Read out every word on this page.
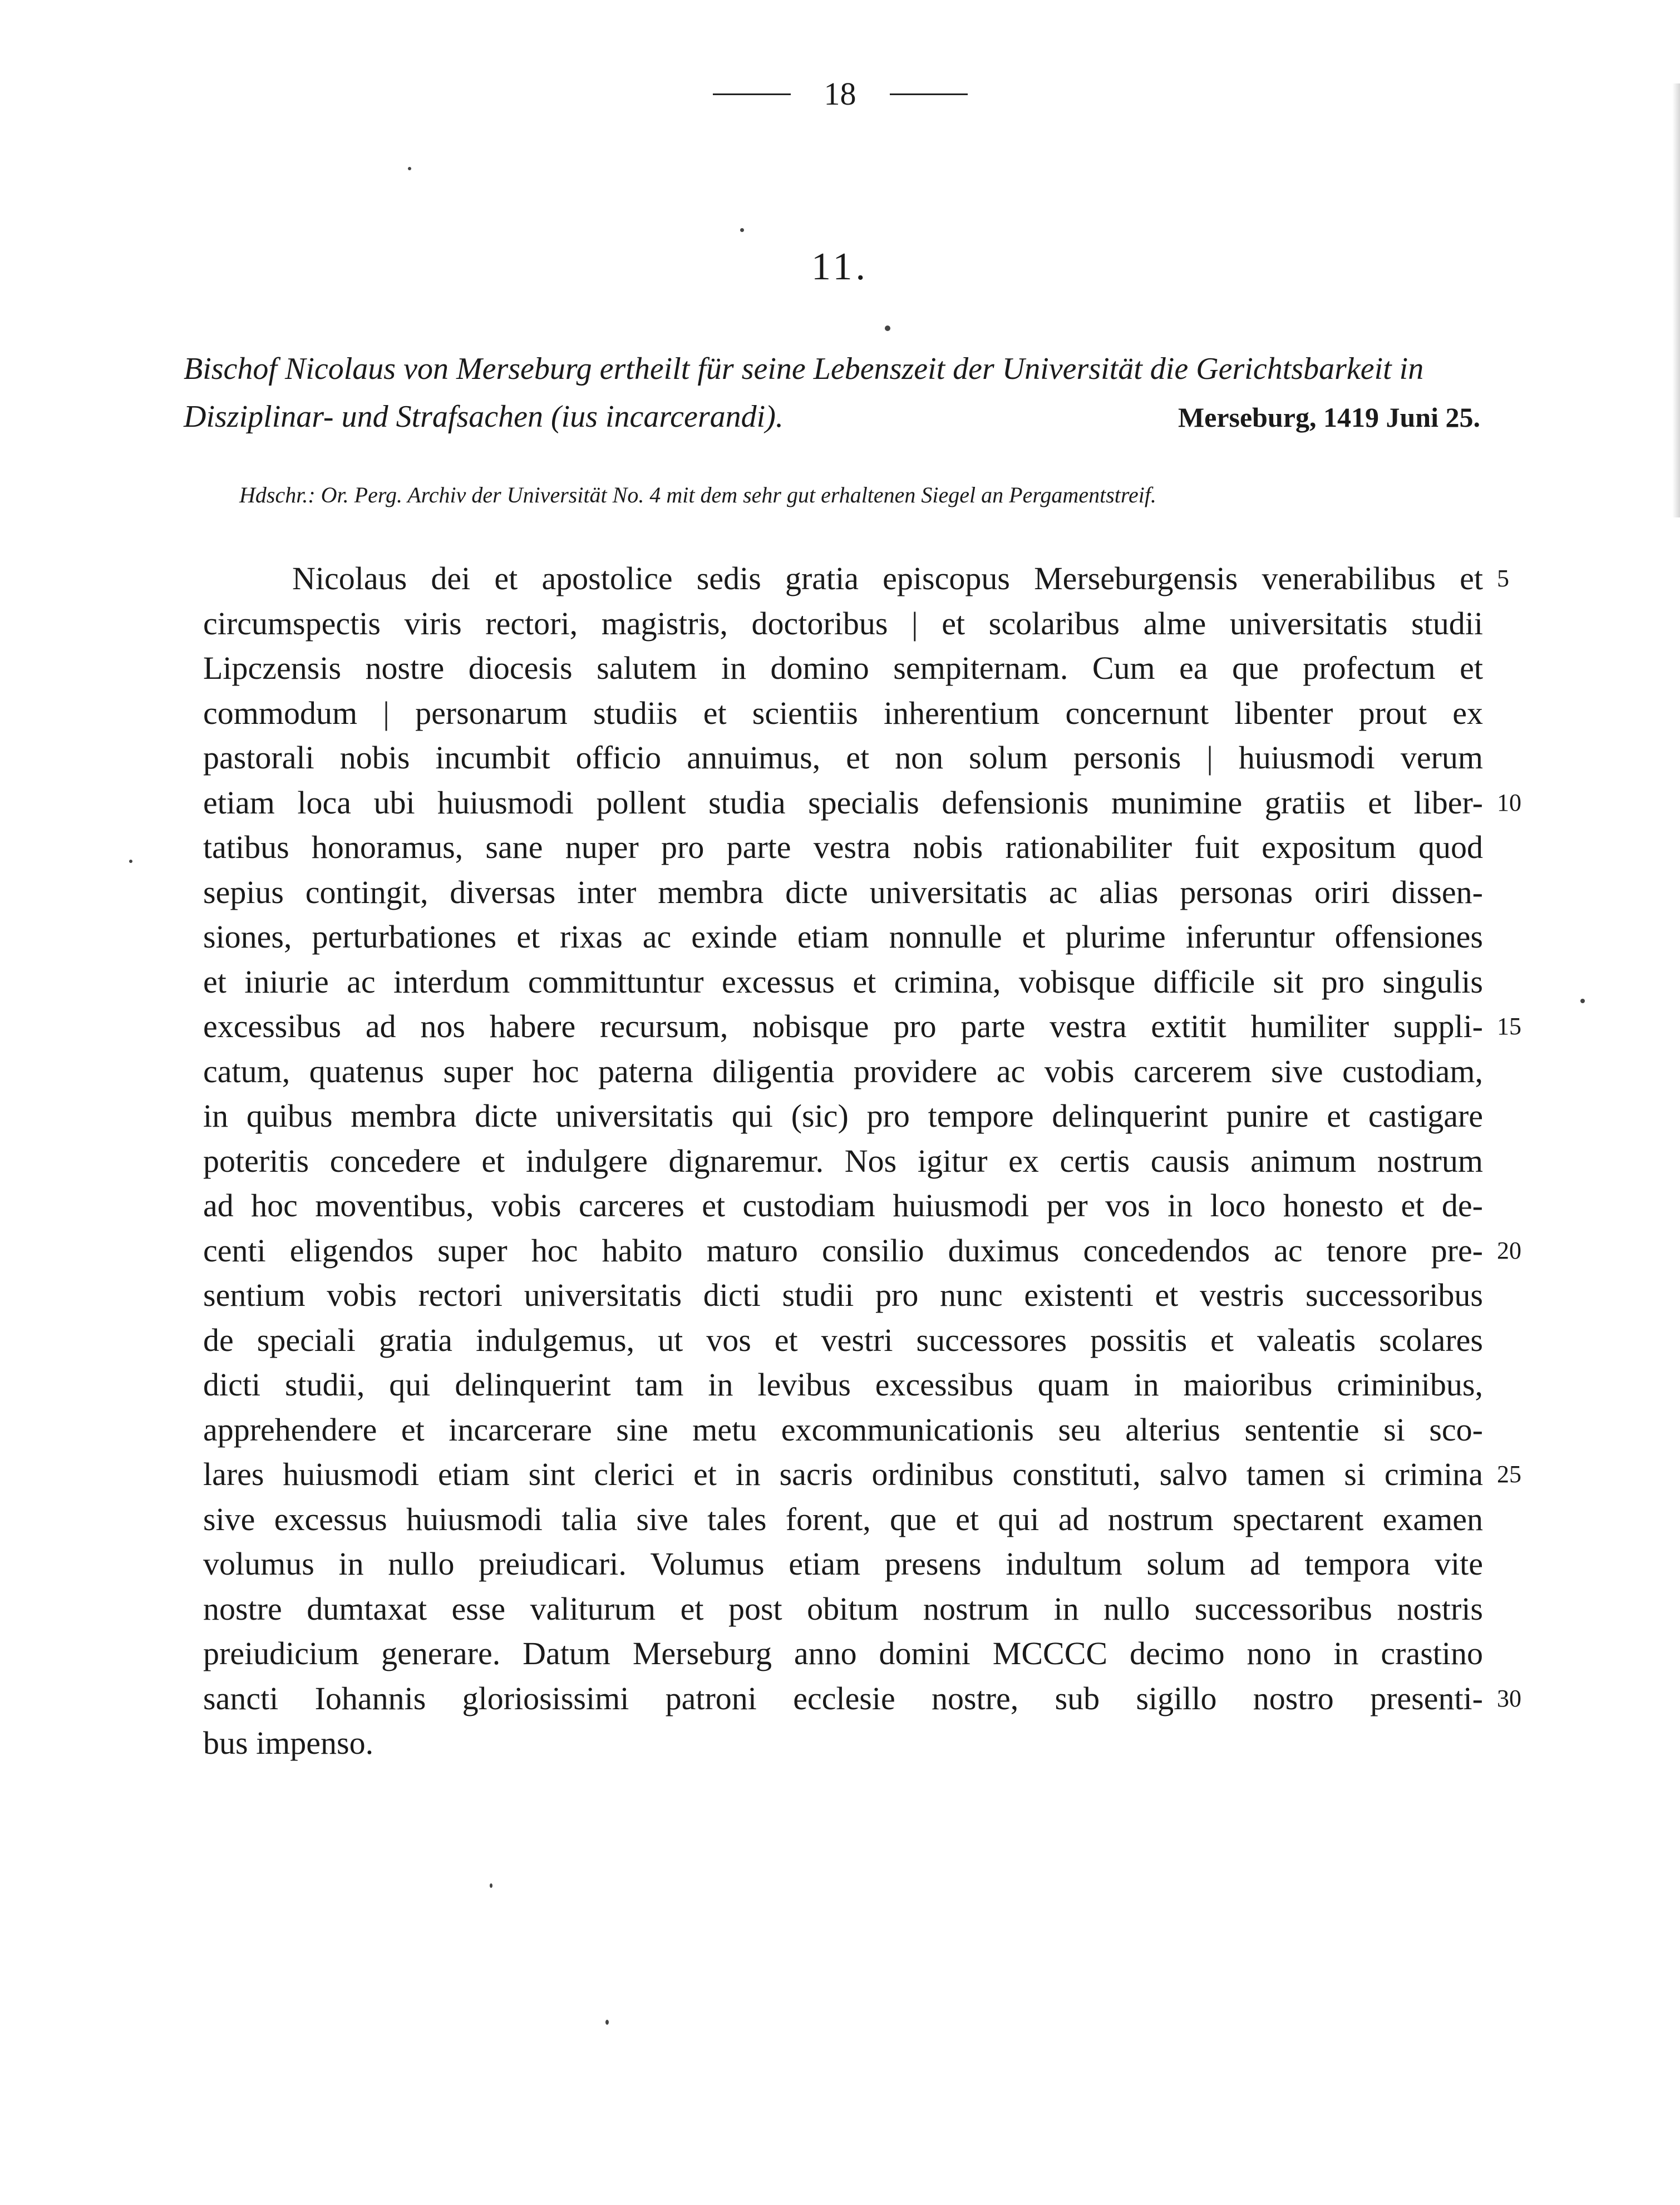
18
11.
Bischof Nicolaus von Merseburg ertheilt für seine Lebenszeit der Universität die Gerichtsbarkeit in
Disziplinar- und Strafsachen (ius incarcerandi).	Merseburg, 1419 Juni 25.
Hdschr.: Or. Perg. Archiv der Universität No. 4 mit dem sehr gut erhaltenen Siegel an Pergamentstreif.
Nicolaus dei et apostolice sedis gratia episcopus Merseburgensis venerabilibus et
circumspectis viris rectori, magistris, doctoribus | et scolaribus alme universitatis studii
Lipczensis nostre diocesis salutem in domino sempiternam. Cum ea que profectum et
commodum | personarum studiis et scientiis inherentium concernunt libenter prout ex
pastorali nobis incumbit officio annuimus, et non solum personis | huiusmodi verum
etiam loca ubi huiusmodi pollent studia specialis defensionis munimine gratiis et liber-
tatibus honoramus, sane nuper pro parte vestra nobis rationabiliter fuit expositum quod
sepius contingit, diversas inter membra dicte universitatis ac alias personas oriri dissen-
siones, perturbationes et rixas ac exinde etiam nonnulle et plurime inferuntur offensiones
et iniurie ac interdum committuntur excessus et crimina, vobisque difficile sit pro singulis
excessibus ad nos habere recursum, nobisque pro parte vestra extitit humiliter suppli-
catum, quatenus super hoc paterna diligentia providere ac vobis carcerem sive custodiam,
in quibus membra dicte universitatis qui (sic) pro tempore delinquerint punire et castigare
poteritis concedere et indulgere dignaremur. Nos igitur ex certis causis animum nostrum
ad hoc moventibus, vobis carceres et custodiam huiusmodi per vos in loco honesto et de-
centi eligendos super hoc habito maturo consilio duximus concedendos ac tenore pre-
sentium vobis rectori universitatis dicti studii pro nunc existenti et vestris successoribus
de speciali gratia indulgemus, ut vos et vestri successores possitis et valeatis scolares
dicti studii, qui delinquerint tam in levibus excessibus quam in maioribus criminibus,
apprehendere et incarcerare sine metu excommunicationis seu alterius sententie si sco-
lares huiusmodi etiam sint clerici et in sacris ordinibus constituti, salvo tamen si crimina
sive excessus huiusmodi talia sive tales forent, que et qui ad nostrum spectarent examen
volumus in nullo preiudicari. Volumus etiam presens indultum solum ad tempora vite
nostre dumtaxat esse valiturum et post obitum nostrum in nullo successoribus nostris
preiudicium generare. Datum Merseburg anno domini MCCCC decimo nono in crastino
sancti Iohannis gloriosissimi patroni ecclesie nostre, sub sigillo nostro presenti-
bus impenso.
5
10
15
20
25
30
